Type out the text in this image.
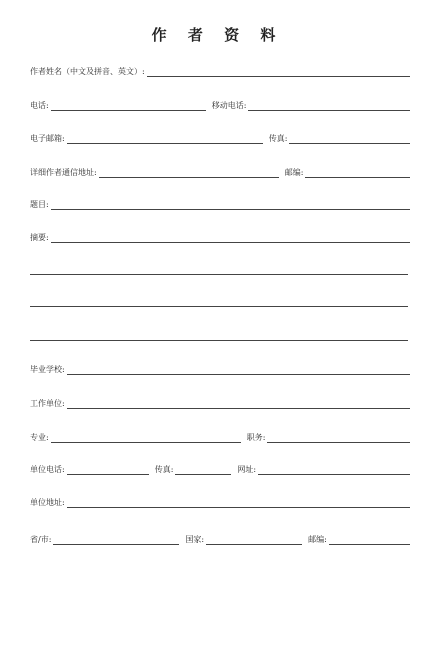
作 者 资 料
作者姓名（中文及拼音、英文）:
电话:	移动电话:
电子邮箱:	传真:
详细作者通信地址:	邮编:
题目:
摘要:
毕业学校:
工作单位:
专业:	职务:
单位电话:	传真:	网址:
单位地址:
省/市:	国家:	邮编:
